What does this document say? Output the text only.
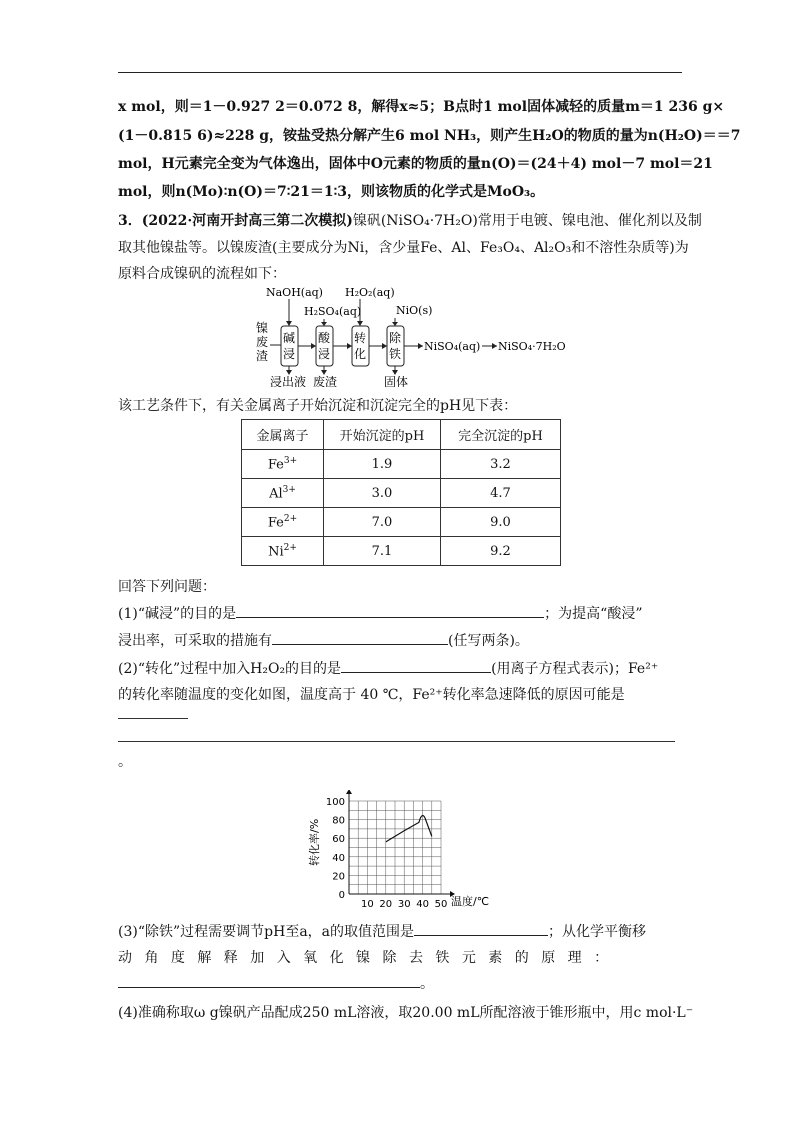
x mol，则＝1－0.927 2＝0.072 8，解得x≈5；B点时1 mol固体减轻的质量m＝1 236 g×
(1－0.815 6)≈228 g，铵盐受热分解产生6 mol NH₃，则产生H₂O的物质的量为n(H₂O)＝＝7
mol，H元素完全变为气体逸出，固体中O元素的物质的量n(O)＝(24＋4) mol－7 mol＝21
mol，则n(Mo)∶n(O)＝7∶21＝1∶3，则该物质的化学式是MoO₃。
3．(2022·河南开封高三第二次模拟)镍矾(NiSO₄·7H₂O)常用于电镀、镍电池、催化剂以及制
取其他镍盐等。以镍废渣(主要成分为Ni，含少量Fe、Al、Fe₃O₄、Al₂O₃和不溶性杂质等)为
原料合成镍矾的流程如下：
镍
废
渣
碱
浸
酸
浸
转
化
除
铁
NaOH(aq)
H₂SO₄(aq)
H₂O₂(aq)
NiO(s)
浸出液 废渣	固体
NiSO₄(aq) NiSO₄·7H₂O
该工艺条件下，有关金属离子开始沉淀和沉淀完全的pH见下表：
金属离子	开始沉淀的pH	完全沉淀的pH
$Fe^{3+}$	1.9	3.2
$Al^{3+}$	3.0	4.7
$Fe^{2+}$	7.0	9.0
$Ni^{2+}$	7.1	9.2
回答下列问题：
(1)“碱浸”的目的是	；为提高“酸浸”
浸出率，可采取的措施有	(任写两条)。
(2)“转化”过程中加入H₂O₂的目的是	(用离子方程式表示)；Fe²⁺
的转化率随温度的变化如图，温度高于 40 ℃，Fe²⁺转化率急速降低的原因可能是
。
0
20
40
60
80
100
10 20 30 40 50 温度/℃
转化率/%
(3)“除铁”过程需要调节pH至a，a的取值范围是	；从化学平衡移
动 角 度 解 释 加 入 氧 化 镍 除 去 铁 元 素 的 原 理 ：
。
(4)准确称取ω g镍矾产品配成250 mL溶液，取20.00 mL所配溶液于锥形瓶中，用c mol·L⁻
